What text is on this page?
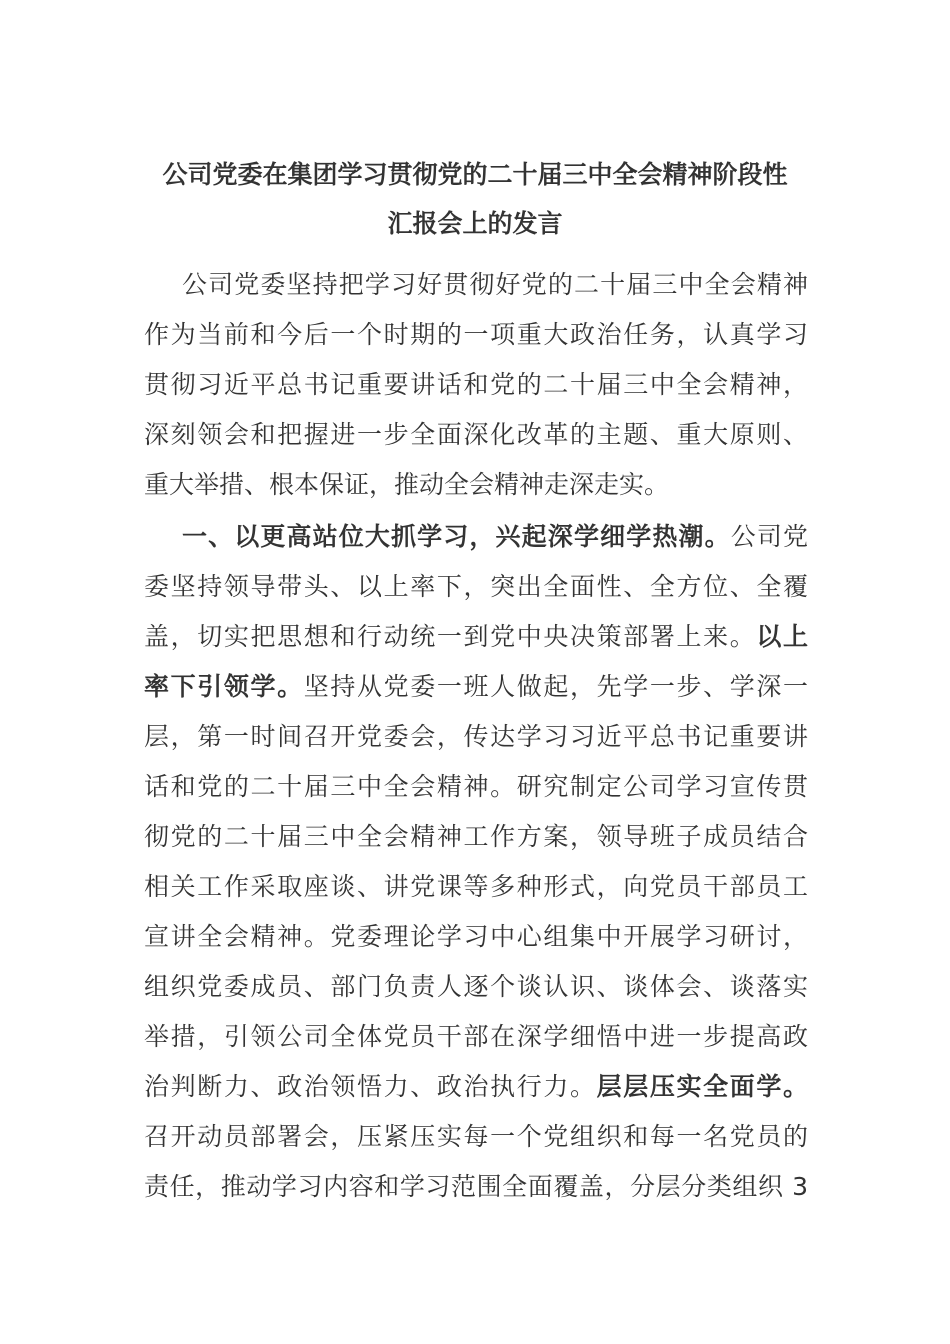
公司党委在集团学习贯彻党的二十届三中全会精神阶段性
汇报会上的发言
公司党委坚持把学习好贯彻好党的二十届三中全会精神
作为当前和今后一个时期的一项重大政治任务，认真学习
贯彻习近平总书记重要讲话和党的二十届三中全会精神，
深刻领会和把握进一步全面深化改革的主题、重大原则、
重大举措、根本保证，推动全会精神走深走实。
一、以更高站位大抓学习，兴起深学细学热潮。公司党
委坚持领导带头、以上率下，突出全面性、全方位、全覆
盖，切实把思想和行动统一到党中央决策部署上来。以上
率下引领学。坚持从党委一班人做起，先学一步、学深一
层，第一时间召开党委会，传达学习习近平总书记重要讲
话和党的二十届三中全会精神。研究制定公司学习宣传贯
彻党的二十届三中全会精神工作方案，领导班子成员结合
相关工作采取座谈、讲党课等多种形式，向党员干部员工
宣讲全会精神。党委理论学习中心组集中开展学习研讨，
组织党委成员、部门负责人逐个谈认识、谈体会、谈落实
举措，引领公司全体党员干部在深学细悟中进一步提高政
治判断力、政治领悟力、政治执行力。层层压实全面学。
召开动员部署会，压紧压实每一个党组织和每一名党员的
责任，推动学习内容和学习范围全面覆盖，分层分类组织 3
